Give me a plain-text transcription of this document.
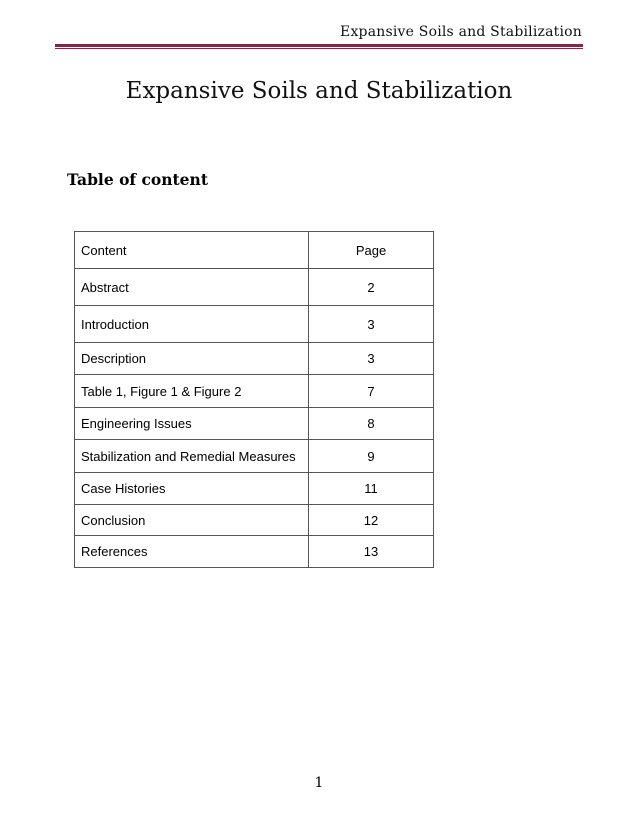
Expansive Soils and Stabilization
Expansive Soils and Stabilization
Table of content
Content	Page
Abstract	2
Introduction	3
Description	3
Table 1, Figure 1 & Figure 2	7
Engineering Issues	8
Stabilization and Remedial Measures	9
Case Histories	11
Conclusion	12
References	13
1
